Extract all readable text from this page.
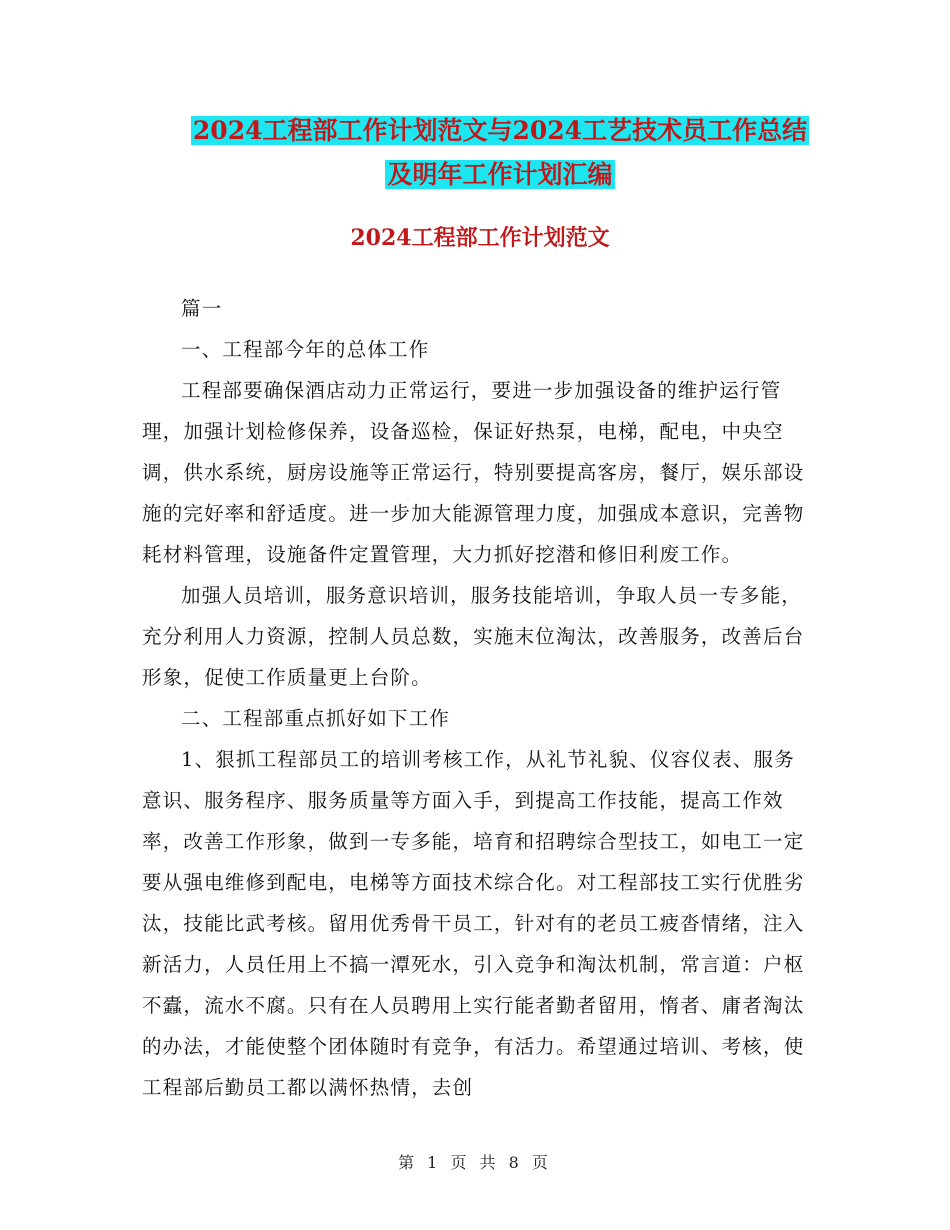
2024工程部工作计划范文与2024工艺技术员工作总结
及明年工作计划汇编
2024工程部工作计划范文

篇一

一、工程部今年的总体工作

工程部要确保酒店动力正常运行，要进一步加强设备的维护运行管理，加强计划检修保养，设备巡检，保证好热泵，电梯，配电，中央空调，供水系统，厨房设施等正常运行，特别要提高客房，餐厅，娱乐部设施的完好率和舒适度。进一步加大能源管理力度，加强成本意识，完善物耗材料管理，设施备件定置管理，大力抓好挖潜和修旧利废工作。

加强人员培训，服务意识培训，服务技能培训，争取人员一专多能，充分利用人力资源，控制人员总数，实施末位淘汰，改善服务，改善后台形象，促使工作质量更上台阶。

二、工程部重点抓好如下工作

1、狠抓工程部员工的培训考核工作，从礼节礼貌、仪容仪表、服务意识、服务程序、服务质量等方面入手，到提高工作技能，提高工作效率，改善工作形象，做到一专多能，培育和招聘综合型技工，如电工一定要从强电维修到配电，电梯等方面技术综合化。对工程部技工实行优胜劣汰，技能比武考核。留用优秀骨干员工，针对有的老员工疲沓情绪，注入新活力，人员任用上不搞一潭死水，引入竞争和淘汰机制，常言道：户枢不蠹，流水不腐。只有在人员聘用上实行能者勤者留用，惰者、庸者淘汰的办法，才能使整个团体随时有竞争，有活力。希望通过培训、考核，使工程部后勤员工都以满怀热情，去创

第 1 页 共 8 页
